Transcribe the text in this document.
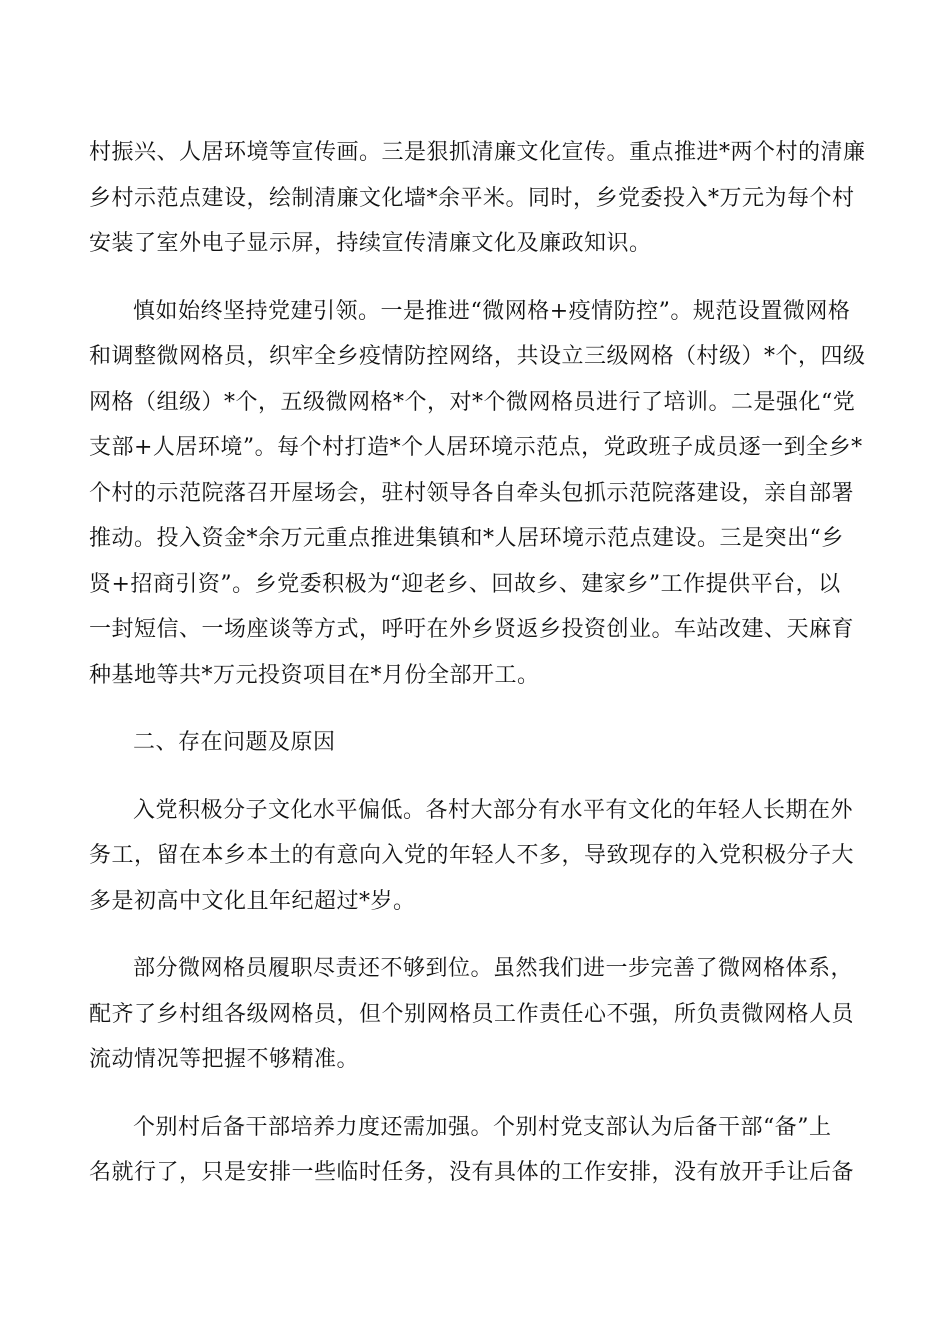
村振兴、人居环境等宣传画。三是狠抓清廉文化宣传。重点推进*两个村的清廉
乡村示范点建设，绘制清廉文化墙*余平米。同时，乡党委投入*万元为每个村
安装了室外电子显示屏，持续宣传清廉文化及廉政知识。

慎如始终坚持党建引领。一是推进“微网格+疫情防控”。规范设置微网格
和调整微网格员，织牢全乡疫情防控网络，共设立三级网格（村级）*个，四级
网格（组级）*个，五级微网格*个，对*个微网格员进行了培训。二是强化“党
支部+人居环境”。每个村打造*个人居环境示范点，党政班子成员逐一到全乡*
个村的示范院落召开屋场会，驻村领导各自牵头包抓示范院落建设，亲自部署
推动。投入资金*余万元重点推进集镇和*人居环境示范点建设。三是突出“乡
贤+招商引资”。乡党委积极为“迎老乡、回故乡、建家乡”工作提供平台，以
一封短信、一场座谈等方式，呼吁在外乡贤返乡投资创业。车站改建、天麻育
种基地等共*万元投资项目在*月份全部开工。

二、存在问题及原因

入党积极分子文化水平偏低。各村大部分有水平有文化的年轻人长期在外
务工，留在本乡本土的有意向入党的年轻人不多，导致现存的入党积极分子大
多是初高中文化且年纪超过*岁。

部分微网格员履职尽责还不够到位。虽然我们进一步完善了微网格体系，
配齐了乡村组各级网格员，但个别网格员工作责任心不强，所负责微网格人员
流动情况等把握不够精准。

个别村后备干部培养力度还需加强。个别村党支部认为后备干部“备”上
名就行了，只是安排一些临时任务，没有具体的工作安排，没有放开手让后备
